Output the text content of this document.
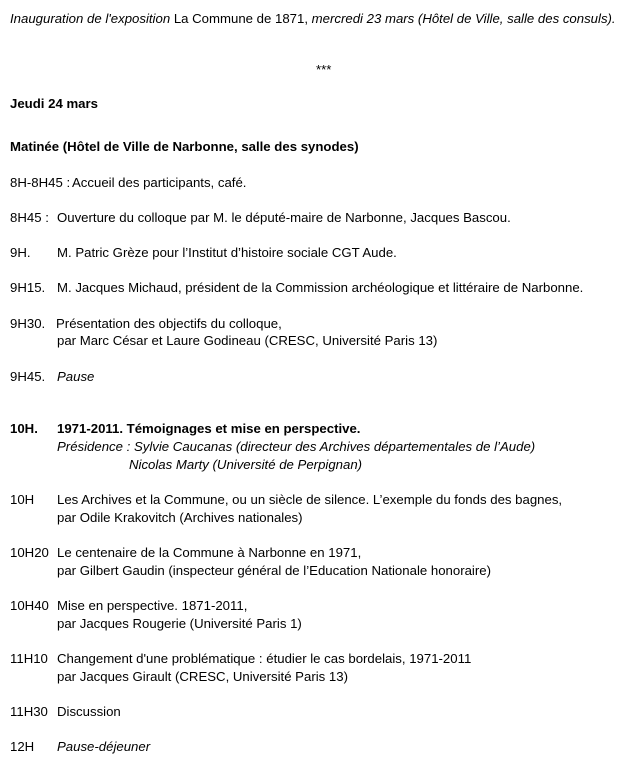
Inauguration de l'exposition La Commune de 1871, mercredi 23 mars (Hôtel de Ville, salle des consuls).
***
Jeudi 24 mars
Matinée (Hôtel de Ville de Narbonne, salle des synodes)
8H-8H45 : Accueil des participants, café.
8H45 : Ouverture du colloque par M. le député-maire de Narbonne, Jacques Bascou.
9H. M. Patric Grèze pour l’Institut d’histoire sociale CGT Aude.
9H15. M. Jacques Michaud, président de la Commission archéologique et littéraire de Narbonne.
9H30. Présentation des objectifs du colloque,
par Marc César et Laure Godineau (CRESC, Université Paris 13)
9H45. Pause
10H. 1971-2011. Témoignages et mise en perspective.
Présidence : Sylvie Caucanas (directeur des Archives départementales de l’Aude)
Nicolas Marty (Université de Perpignan)
10H Les Archives et la Commune, ou un siècle de silence. L’exemple du fonds des bagnes,
par Odile Krakovitch (Archives nationales)
10H20 Le centenaire de la Commune à Narbonne en 1971,
par Gilbert Gaudin (inspecteur général de l’Education Nationale honoraire)
10H40 Mise en perspective. 1871-2011,
par Jacques Rougerie (Université Paris 1)
11H10 Changement d'une problématique : étudier le cas bordelais, 1971-2011
par Jacques Girault (CRESC, Université Paris 13)
11H30 Discussion
12H Pause-déjeuner
